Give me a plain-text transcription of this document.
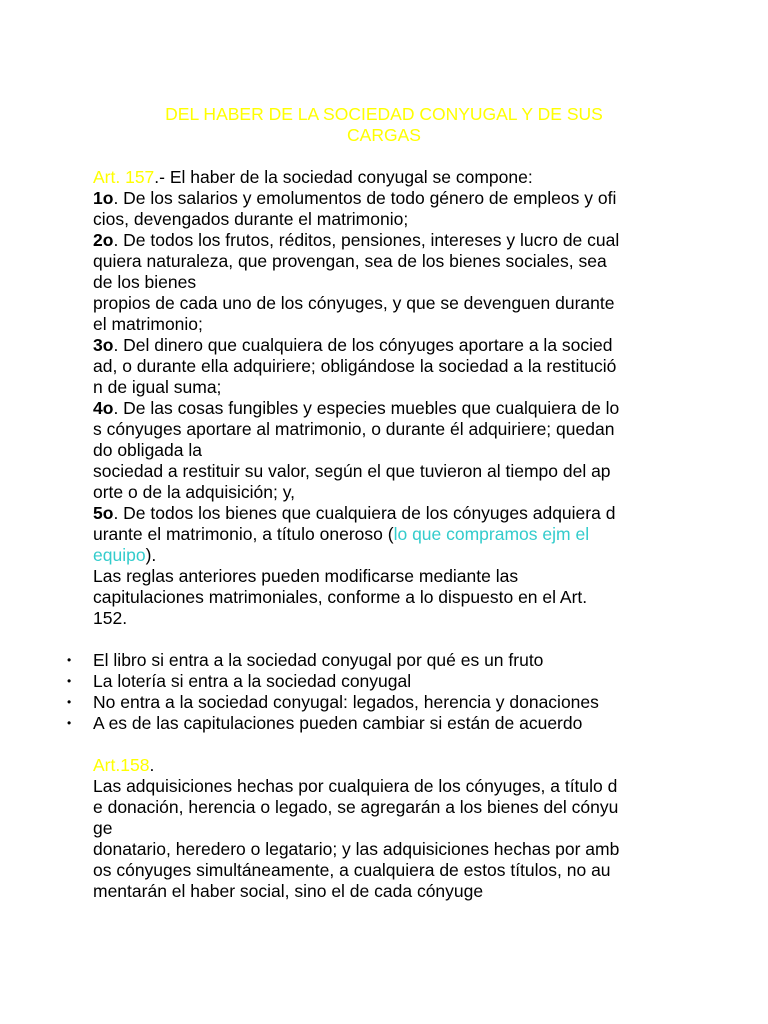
DEL HABER DE LA SOCIEDAD CONYUGAL Y DE SUS
CARGAS
Art. 157.- El haber de la sociedad conyugal se compone:
1o. De los salarios y emolumentos de todo género de empleos y ofi
cios, devengados durante el matrimonio;
2o. De todos los frutos, réditos, pensiones, intereses y lucro de cual
quiera naturaleza, que provengan, sea de los bienes sociales, sea
de los bienes
propios de cada uno de los cónyuges, y que se devenguen durante
el matrimonio;
3o. Del dinero que cualquiera de los cónyuges aportare a la socied
ad, o durante ella adquiriere; obligándose la sociedad a la restitució
n de igual suma;
4o. De las cosas fungibles y especies muebles que cualquiera de lo
s cónyuges aportare al matrimonio, o durante él adquiriere; quedan
do obligada la
sociedad a restituir su valor, según el que tuvieron al tiempo del ap
orte o de la adquisición; y,
5o. De todos los bienes que cualquiera de los cónyuges adquiera d
urante el matrimonio, a título oneroso (lo que compramos ejm el
equipo).
Las reglas anteriores pueden modificarse mediante las
capitulaciones matrimoniales, conforme a lo dispuesto en el Art.
152.
• El libro si entra a la sociedad conyugal por qué es un fruto
• La lotería si entra a la sociedad conyugal
• No entra a la sociedad conyugal: legados, herencia y donaciones
• A es de las capitulaciones pueden cambiar si están de acuerdo
Art.158.
Las adquisiciones hechas por cualquiera de los cónyuges, a título d
e donación, herencia o legado, se agregarán a los bienes del cónyu
ge
donatario, heredero o legatario; y las adquisiciones hechas por amb
os cónyuges simultáneamente, a cualquiera de estos títulos, no au
mentarán el haber social, sino el de cada cónyuge
